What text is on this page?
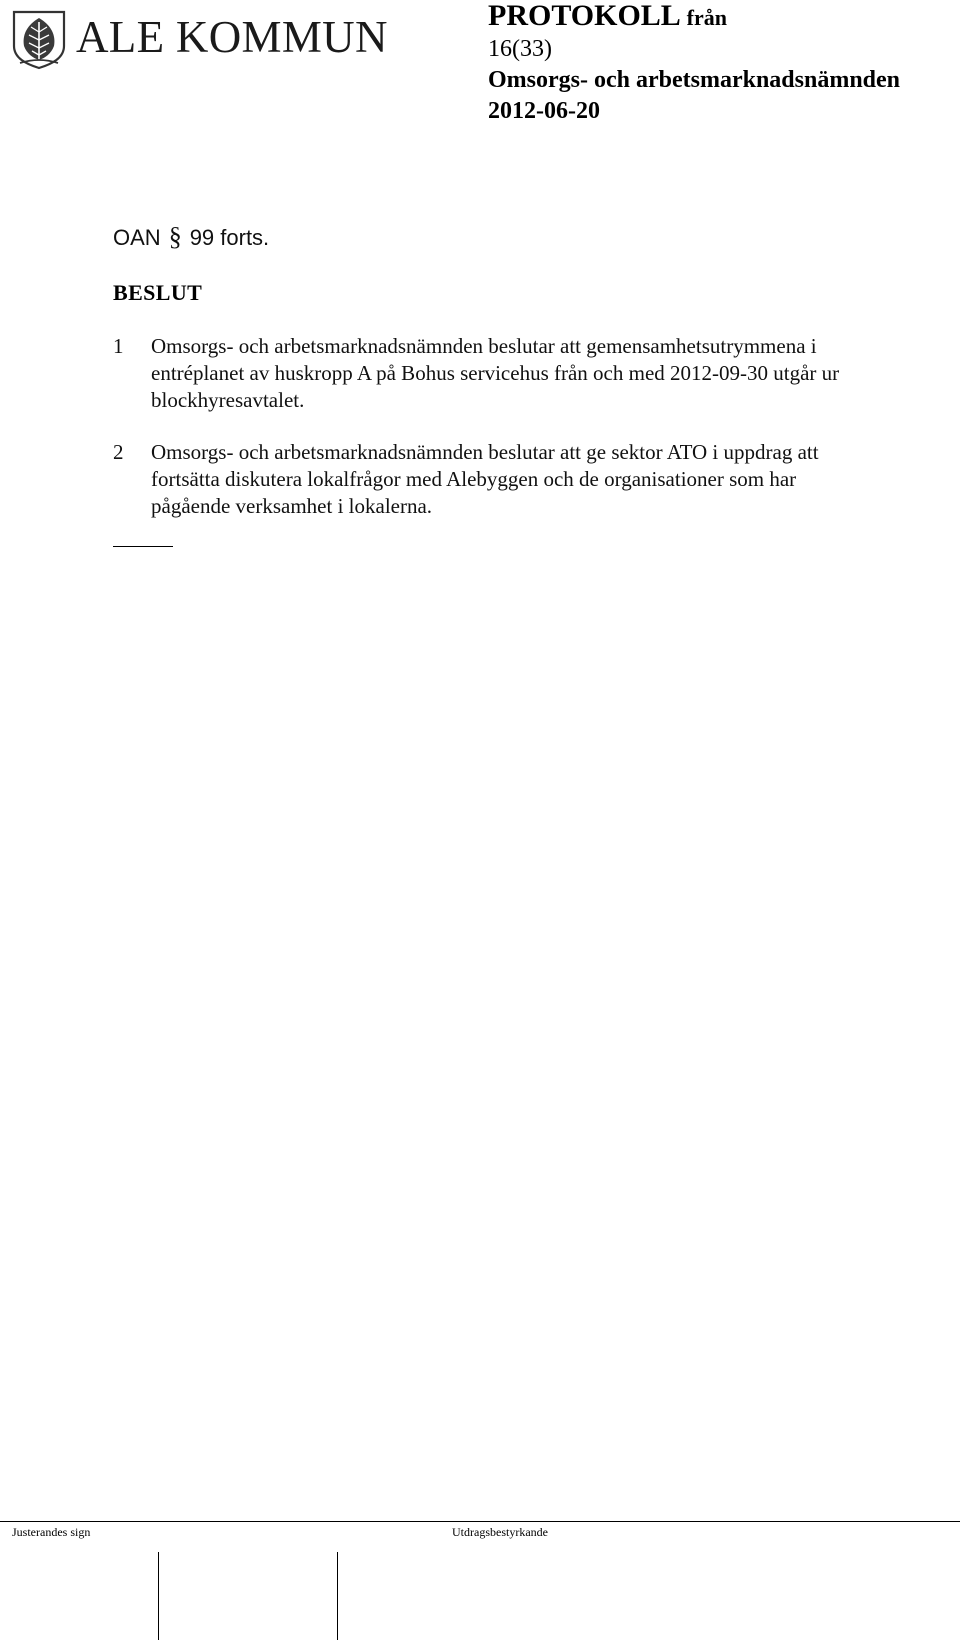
ALE KOMMUN	PROTOKOLL från
16(33)
Omsorgs- och arbetsmarknadsnämnden
2012-06-20
OAN § 99 forts.
BESLUT
1 Omsorgs- och arbetsmarknadsnämnden beslutar att gemensamhetsutrymmena i
entréplanet av huskropp A på Bohus servicehus från och med 2012-09-30 utgår ur
blockhyresavtalet.
2 Omsorgs- och arbetsmarknadsnämnden beslutar att ge sektor ATO i uppdrag att
fortsätta diskutera lokalfrågor med Alebyggen och de organisationer som har
pågående verksamhet i lokalerna.
Justerandes sign	Utdragsbestyrkande
